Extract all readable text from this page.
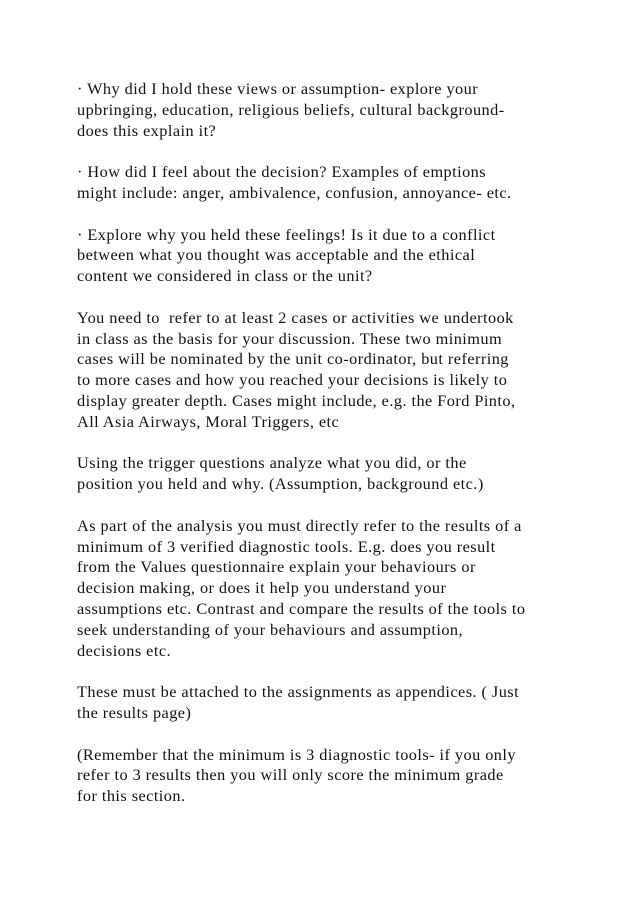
· Why did I hold these views or assumption- explore your
upbringing, education, religious beliefs, cultural background-
does this explain it?

· How did I feel about the decision? Examples of emptions
might include: anger, ambivalence, confusion, annoyance- etc.

· Explore why you held these feelings! Is it due to a conflict
between what you thought was acceptable and the ethical
content we considered in class or the unit?

You need to  refer to at least 2 cases or activities we undertook
in class as the basis for your discussion. These two minimum
cases will be nominated by the unit co-ordinator, but referring
to more cases and how you reached your decisions is likely to
display greater depth. Cases might include, e.g. the Ford Pinto,
All Asia Airways, Moral Triggers, etc

Using the trigger questions analyze what you did, or the
position you held and why. (Assumption, background etc.)

As part of the analysis you must directly refer to the results of a
minimum of 3 verified diagnostic tools. E.g. does you result
from the Values questionnaire explain your behaviours or
decision making, or does it help you understand your
assumptions etc. Contrast and compare the results of the tools to
seek understanding of your behaviours and assumption,
decisions etc.

These must be attached to the assignments as appendices. ( Just
the results page)

(Remember that the minimum is 3 diagnostic tools- if you only
refer to 3 results then you will only score the minimum grade
for this section.
